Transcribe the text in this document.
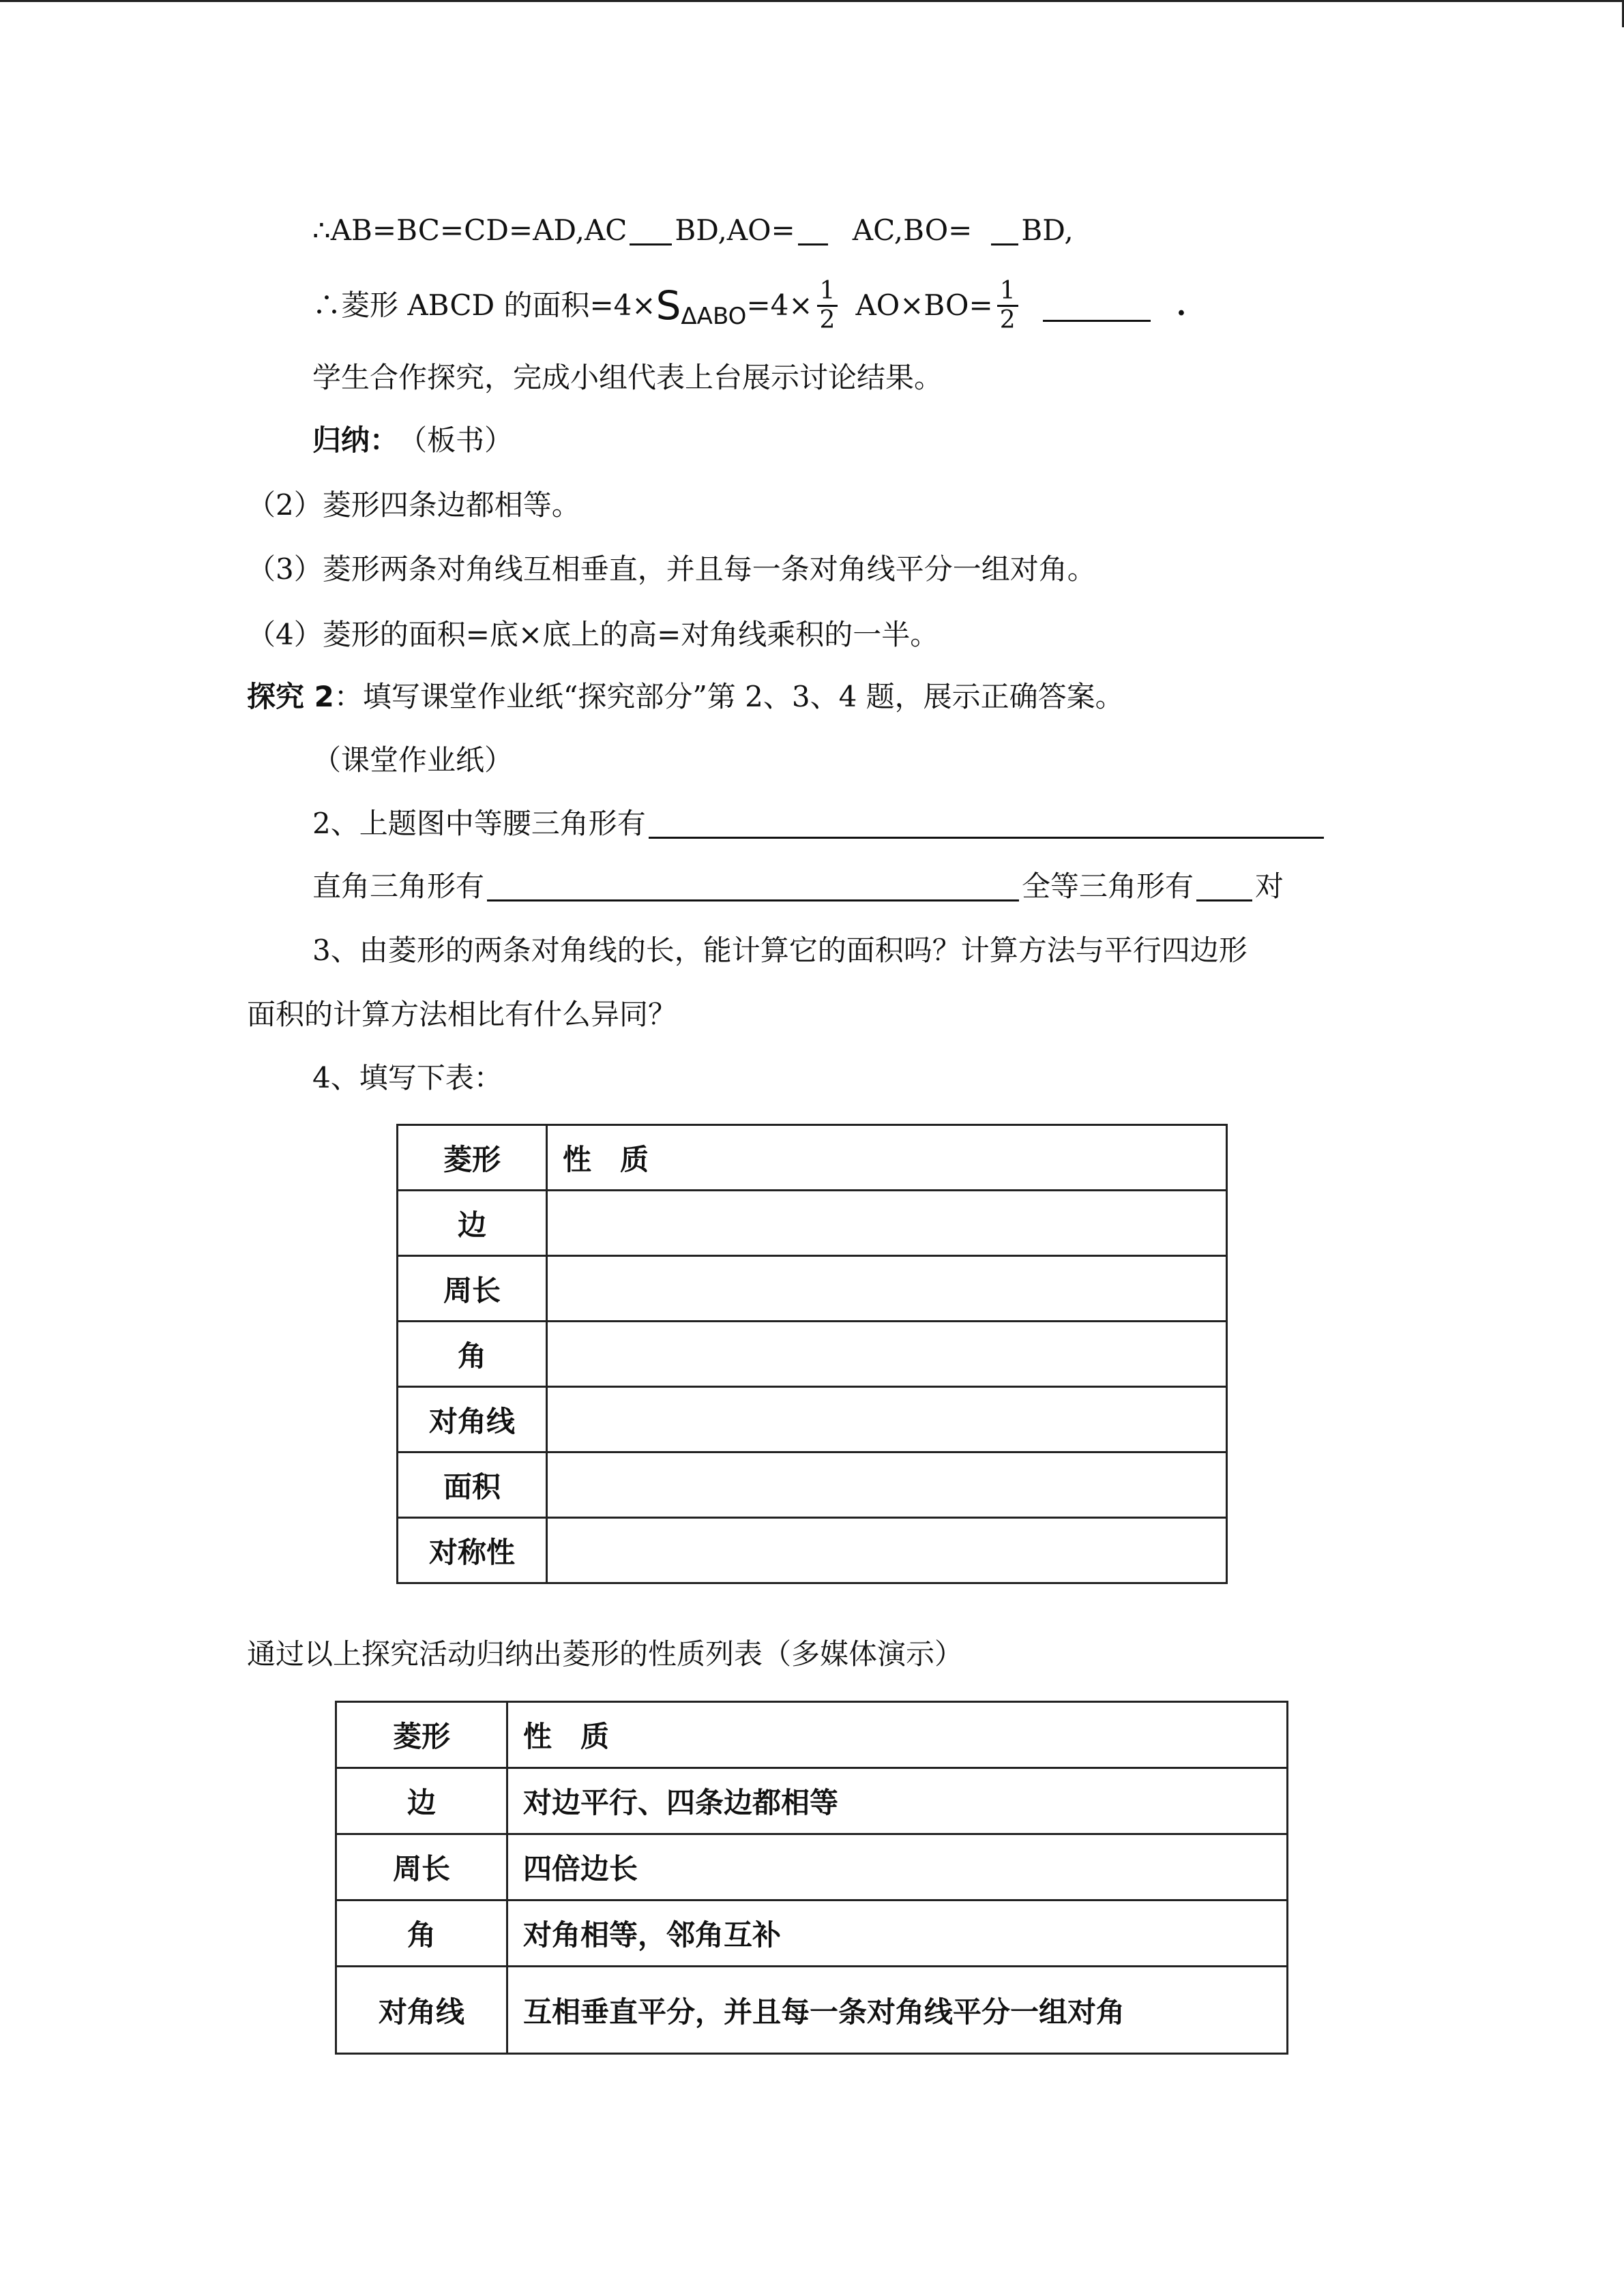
∴AB=BC=CD=AD,AC BD,AO= AC,BO= BD,
∴菱形 ABCD 的面积=4× S $\Delta ABO =4\times \frac{1}{2} AO\times BO= \frac{1}{2}$	.
学生合作探究，完成小组代表上台展示讨论结果。
归纳： （板书）
（2）菱形四条边都相等。
（3）菱形两条对角线互相垂直，并且每一条对角线平分一组对角。
（4）菱形的面积=底×底上的高=对角线乘积的一半。
探究 2 ：填写课堂作业纸“探究部分”第 2、3、4 题，展示正确答案。
（课堂作业纸）
2、上题图中等腰三角形有
直角三角形有	全等三角形有 对
3、由菱形的两条对角线的长，能计算它的面积吗？计算方法与平行四边形
面积的计算方法相比有什么异同？
4、填写下表：
菱形	性　质
边	
周长	
角	
对角线	
面积	
对称性	
通过以上探究活动归纳出菱形的性质列表（多媒体演示）
菱形	性　质
边	对边平行、四条边都相等
周长	四倍边长
角	对角相等，邻角互补
对角线	互相垂直平分，并且每一条对角线平分一组对角
